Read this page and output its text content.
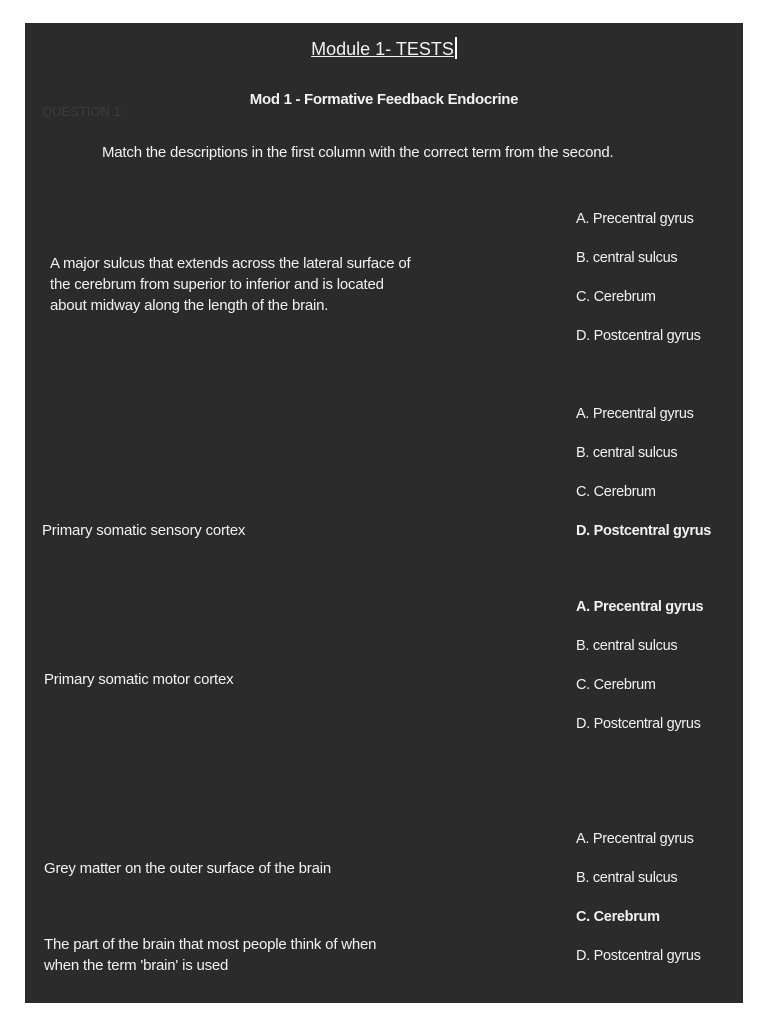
Module 1- TESTS
QUESTION 1:
Mod 1 - Formative Feedback Endocrine
Match the descriptions in the first column with the correct term from the second.
A major sulcus that extends across the lateral surface of
the cerebrum from superior to inferior and is located
about midway along the length of the brain.
A. Precentral gyrus
B. central sulcus
C. Cerebrum
D. Postcentral gyrus
Primary somatic sensory cortex
A. Precentral gyrus
B. central sulcus
C. Cerebrum
D. Postcentral gyrus
Primary somatic motor cortex
A. Precentral gyrus
B. central sulcus
C. Cerebrum
D. Postcentral gyrus
Grey matter on the outer surface of the brain
The part of the brain that most people think of when
when the term 'brain' is used
A. Precentral gyrus
B. central sulcus
C. Cerebrum
D. Postcentral gyrus
